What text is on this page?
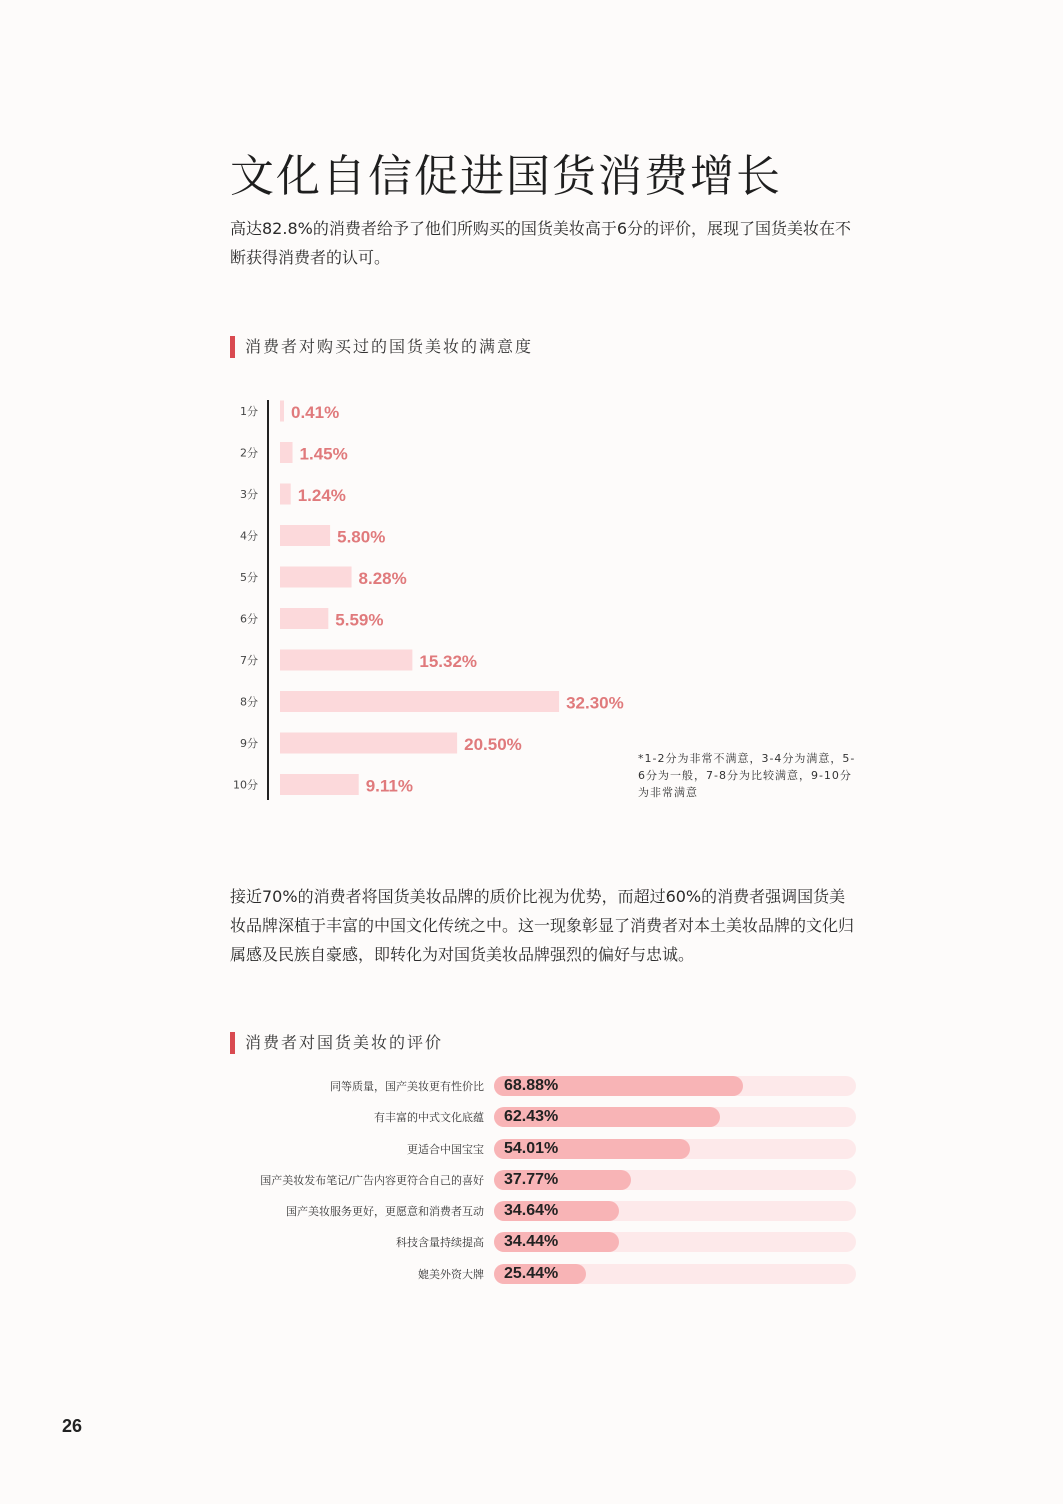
文化自信促进国货消费增长

高达82.8%的消费者给予了他们所购买的国货美妆高于6分的评价，展现了国货美妆在不断获得消费者的认可。

消费者对购买过的国货美妆的满意度
1分 0.41%
2分 1.45%
3分 1.24%
4分	5.80%
5分	8.28%
6分	5.59%
7分	15.32%
8分	32.30%
9分	20.50%
10分	9.11%

*1-2分为非常不满意，3-4分为满意，5-6分为一般，7-8分为比较满意，9-10分为非常满意

接近70%的消费者将国货美妆品牌的质价比视为优势，而超过60%的消费者强调国货美妆品牌深植于丰富的中国文化传统之中。这一现象彰显了消费者对本土美妆品牌的文化归属感及民族自豪感，即转化为对国货美妆品牌强烈的偏好与忠诚。

消费者对国货美妆的评价
同等质量，国产美妆更有性价比 68.88%
有丰富的中式文化底蕴 62.43%
更适合中国宝宝 54.01%
国产美妆发布笔记/广告内容更符合自己的喜好 37.77%
国产美妆服务更好，更愿意和消费者互动 34.64%
科技含量持续提高 34.44%
媲美外资大牌 25.44%
26
